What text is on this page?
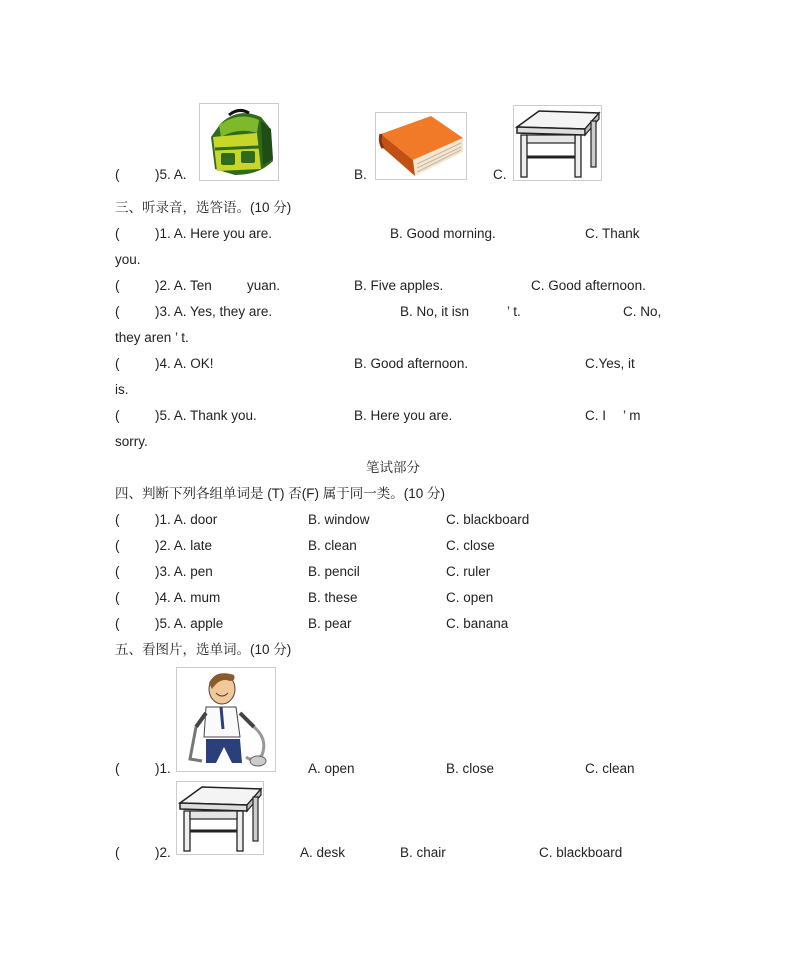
(	)5. A.	B.	C.
三、听录音，选答语。(10 分)
(	)1. A. Here you are.	B. Good morning.	C. Thank
you.
(	)2. A. Ten	yuan.	B. Five apples.	C. Good afternoon.
(	)3. A. Yes, they are.	B. No, it isn	’ t.	C. No,
they aren ’ t.
(	)4. A. OK!	B. Good afternoon.	C.Yes, it
is.
(	)5. A. Thank you.	B. Here you are.	C. I ’ m
sorry.
笔试部分
四、判断下列各组单词是 (T) 否(F) 属于同一类。(10 分)
(	)1. A. door	B. window	C. blackboard
(	)2. A. late	B. clean	C. close
(	)3. A. pen	B. pencil	C. ruler
(	)4. A. mum	B. these	C. open
(	)5. A. apple	B. pear	C. banana
五、看图片，选单词。(10 分)
(	)1.	A. open	B. close	C. clean
(	)2.	A. desk	B. chair	C. blackboard
